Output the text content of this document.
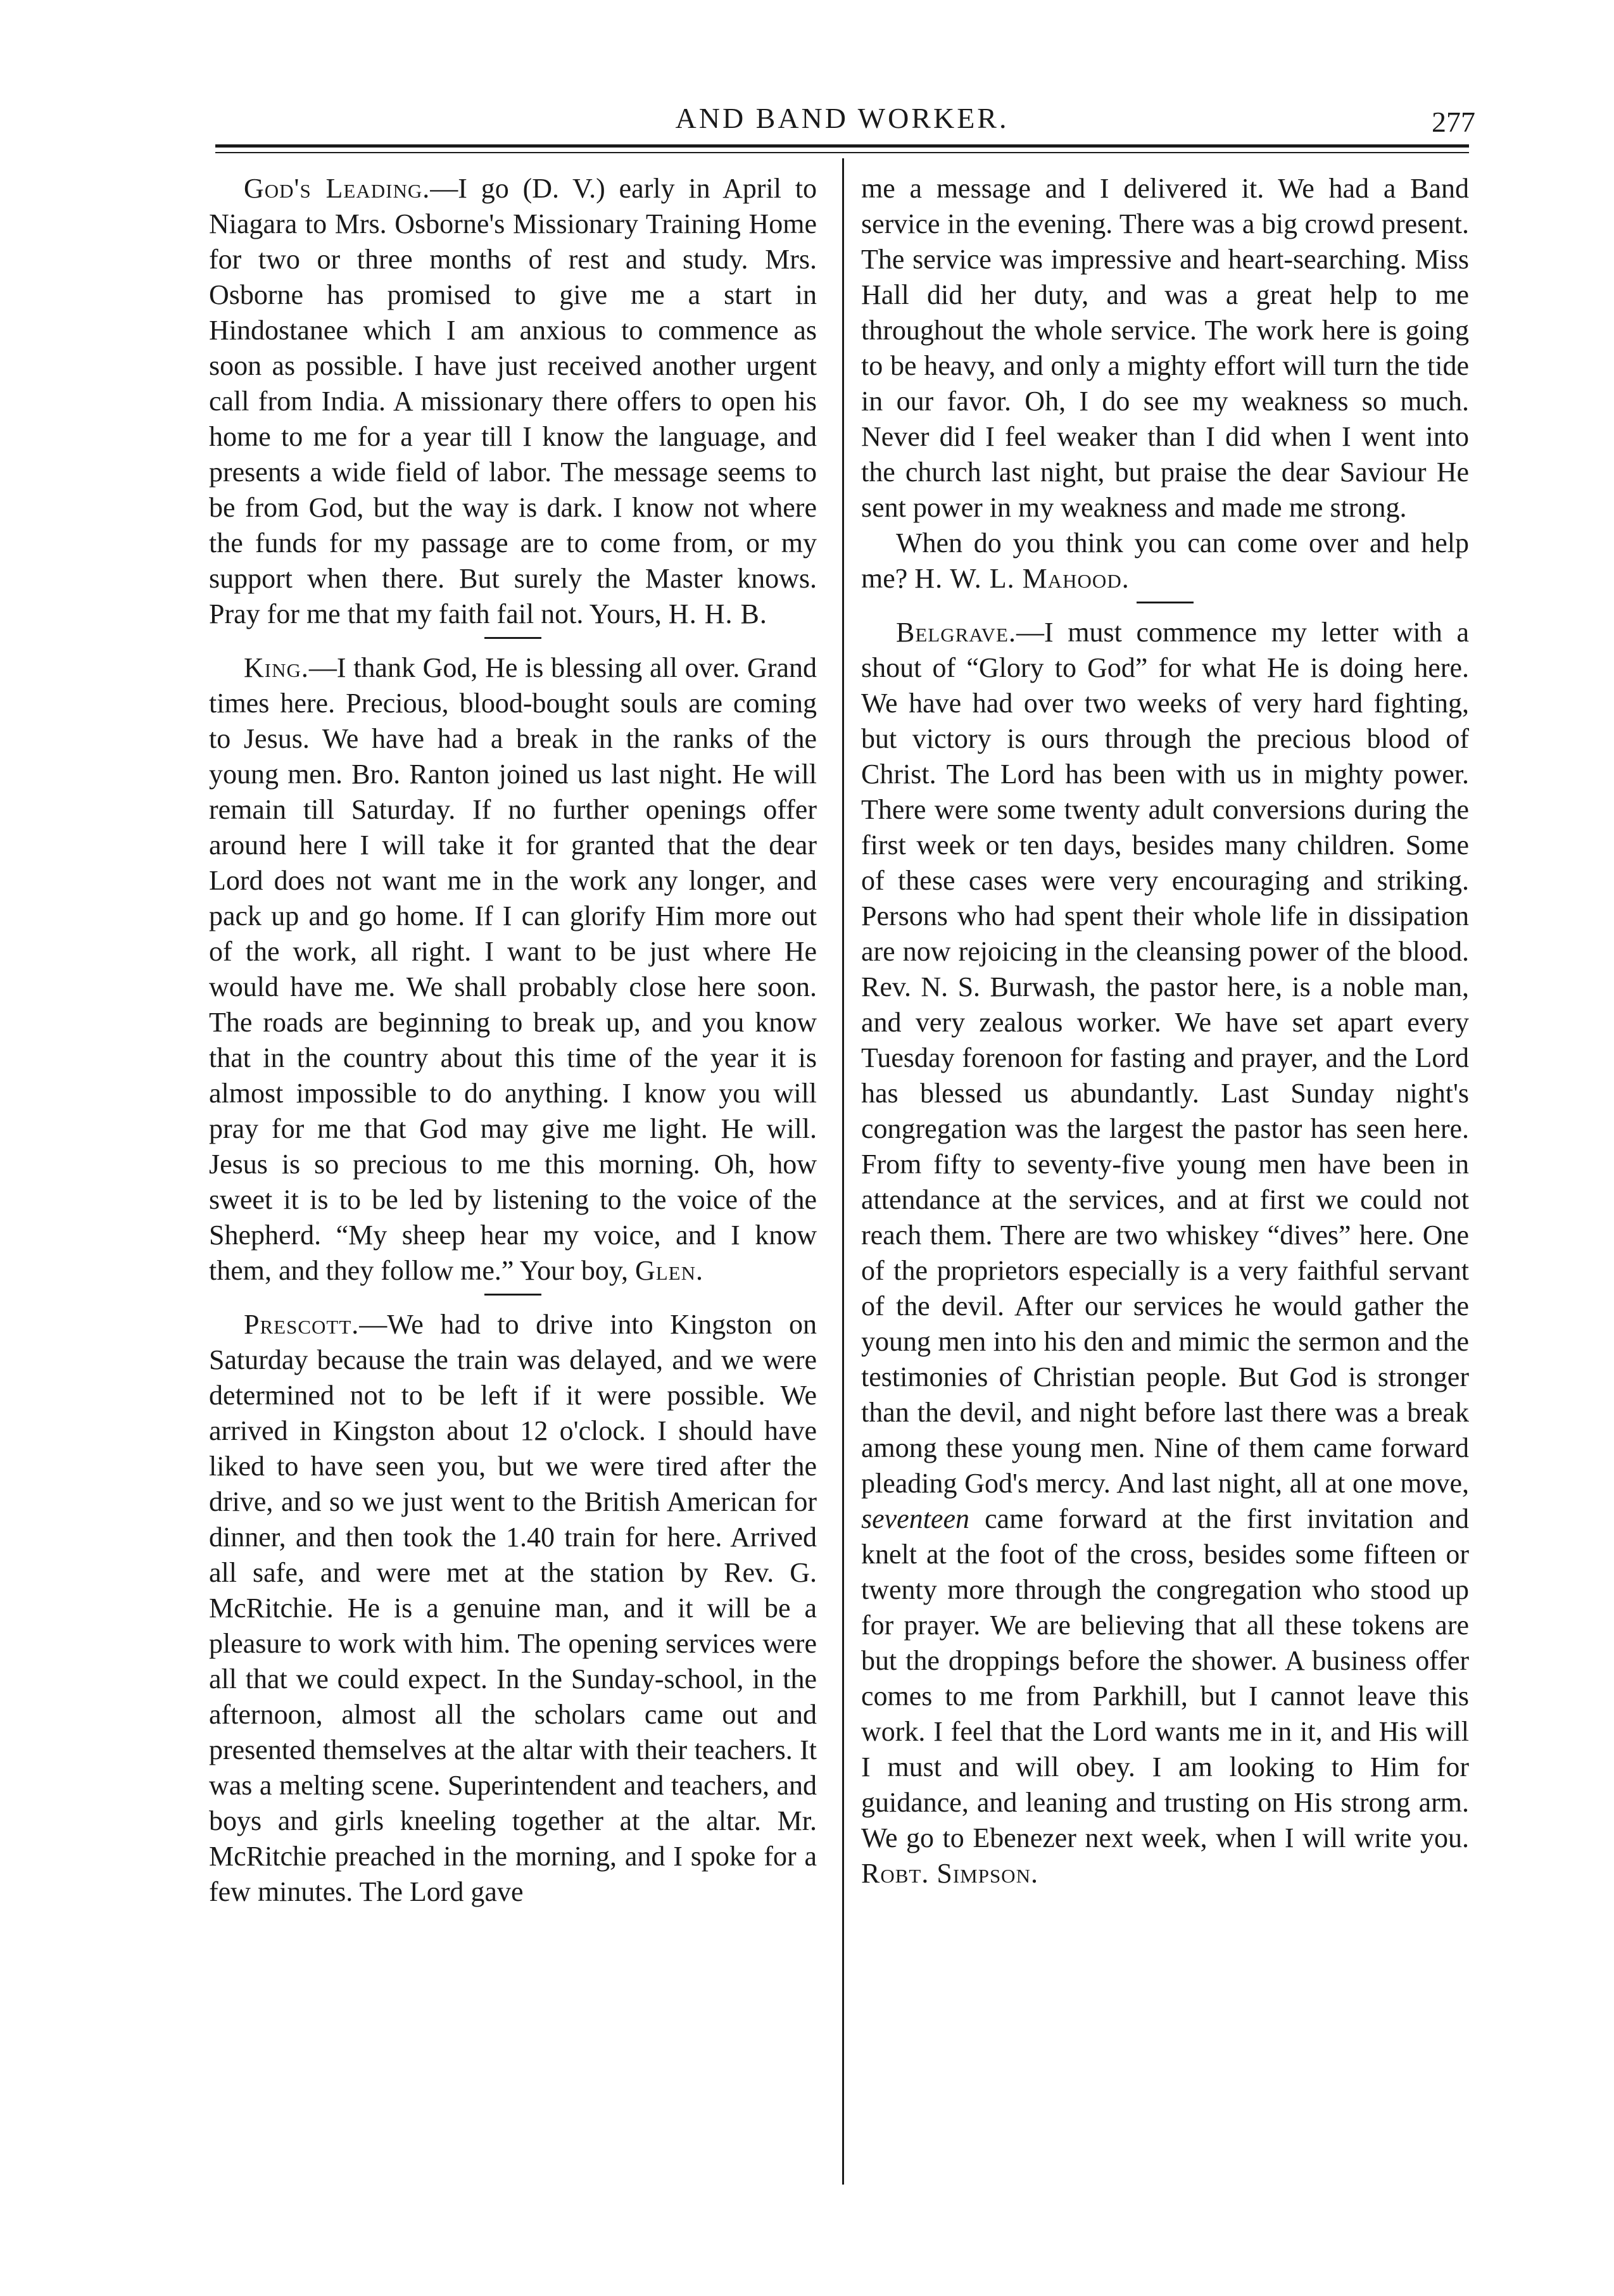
AND BAND WORKER.	277

God's Leading.—I go (D. V.) early in April to Niagara to Mrs. Osborne's Missionary Training Home for two or three months of rest and study. Mrs. Osborne has promised to give me a start in Hindostanee which I am anxious to commence as soon as possible. I have just received another urgent call from India. A missionary there offers to open his home to me for a year till I know the language, and presents a wide field of labor. The message seems to be from God, but the way is dark. I know not where the funds for my passage are to come from, or my support when there. But surely the Master knows. Pray for me that my faith fail not. Yours, H. H. B.

King.—I thank God, He is blessing all over. Grand times here. Precious, blood-bought souls are coming to Jesus. We have had a break in the ranks of the young men. Bro. Ranton joined us last night. He will remain till Saturday. If no further openings offer around here I will take it for granted that the dear Lord does not want me in the work any longer, and pack up and go home. If I can glorify Him more out of the work, all right. I want to be just where He would have me. We shall probably close here soon. The roads are beginning to break up, and you know that in the country about this time of the year it is almost impossible to do anything. I know you will pray for me that God may give me light. He will. Jesus is so precious to me this morning. Oh, how sweet it is to be led by listening to the voice of the Shepherd. “My sheep hear my voice, and I know them, and they follow me.” Your boy, Glen.

Prescott.—We had to drive into Kingston on Saturday because the train was delayed, and we were determined not to be left if it were possible. We arrived in Kingston about 12 o'clock. I should have liked to have seen you, but we were tired after the drive, and so we just went to the British American for dinner, and then took the 1.40 train for here. Arrived all safe, and were met at the station by Rev. G. McRitchie. He is a genuine man, and it will be a pleasure to work with him. The opening services were all that we could expect. In the Sunday-school, in the afternoon, almost all the scholars came out and presented themselves at the altar with their teachers. It was a melting scene. Superintendent and teachers, and boys and girls kneeling together at the altar. Mr. McRitchie preached in the morning, and I spoke for a few minutes. The Lord gave

me a message and I delivered it. We had a Band service in the evening. There was a big crowd present. The service was impressive and heart-searching. Miss Hall did her duty, and was a great help to me throughout the whole service. The work here is going to be heavy, and only a mighty effort will turn the tide in our favor. Oh, I do see my weakness so much. Never did I feel weaker than I did when I went into the church last night, but praise the dear Saviour He sent power in my weakness and made me strong.

When do you think you can come over and help me? H. W. L. Mahood.

Belgrave.—I must commence my letter with a shout of “Glory to God” for what He is doing here. We have had over two weeks of very hard fighting, but victory is ours through the precious blood of Christ. The Lord has been with us in mighty power. There were some twenty adult conversions during the first week or ten days, besides many children. Some of these cases were very encouraging and striking. Persons who had spent their whole life in dissipation are now rejoicing in the cleansing power of the blood. Rev. N. S. Burwash, the pastor here, is a noble man, and very zealous worker. We have set apart every Tuesday forenoon for fasting and prayer, and the Lord has blessed us abundantly. Last Sunday night's congregation was the largest the pastor has seen here. From fifty to seventy-five young men have been in attendance at the services, and at first we could not reach them. There are two whiskey “dives” here. One of the proprietors especially is a very faithful servant of the devil. After our services he would gather the young men into his den and mimic the sermon and the testimonies of Christian people. But God is stronger than the devil, and night before last there was a break among these young men. Nine of them came forward pleading God's mercy. And last night, all at one move, seventeen came forward at the first invitation and knelt at the foot of the cross, besides some fifteen or twenty more through the congregation who stood up for prayer. We are believing that all these tokens are but the droppings before the shower. A business offer comes to me from Parkhill, but I cannot leave this work. I feel that the Lord wants me in it, and His will I must and will obey. I am looking to Him for guidance, and leaning and trusting on His strong arm. We go to Ebenezer next week, when I will write you. Robt. Simpson.
